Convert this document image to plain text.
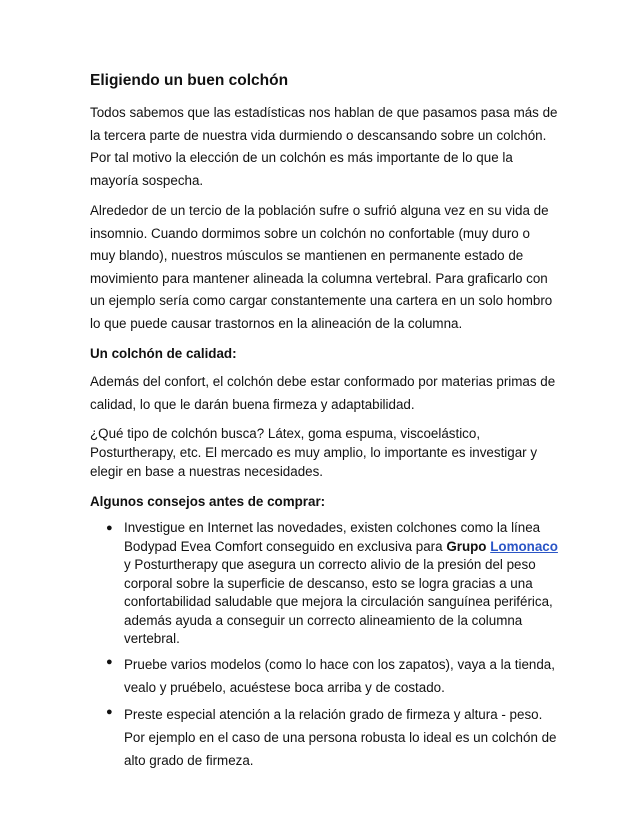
Eligiendo un buen colchón

Todos sabemos que las estadísticas nos hablan de que pasamos pasa más de la tercera parte de nuestra vida durmiendo o descansando sobre un colchón. Por tal motivo la elección de un colchón es más importante de lo que la mayoría sospecha.

Alrededor de un tercio de la población sufre o sufrió alguna vez en su vida de insomnio. Cuando dormimos sobre un colchón no confortable (muy duro o muy blando), nuestros músculos se mantienen en permanente estado de movimiento para mantener alineada la columna vertebral. Para graficarlo con un ejemplo sería como cargar constantemente una cartera en un solo hombro lo que puede causar trastornos en la alineación de la columna.

Un colchón de calidad:

Además del confort, el colchón debe estar conformado por materias primas de calidad, lo que le darán buena firmeza y adaptabilidad.

¿Qué tipo de colchón busca? Látex, goma espuma, viscoelástico, Posturtherapy, etc. El mercado es muy amplio, lo importante es investigar y elegir en base a nuestras necesidades.

Algunos consejos antes de comprar:
● Investigue en Internet las novedades, existen colchones como la línea Bodypad Evea Comfort conseguido en exclusiva para Grupo Lomonaco y Posturtherapy que asegura un correcto alivio de la presión del peso corporal sobre la superficie de descanso, esto se logra gracias a una confortabilidad saludable que mejora la circulación sanguínea periférica, además ayuda a conseguir un correcto alineamiento de la columna vertebral.
● Pruebe varios modelos (como lo hace con los zapatos), vaya a la tienda, vealo y pruébelo, acuéstese boca arriba y de costado.
● Preste especial atención a la relación grado de firmeza y altura - peso. Por ejemplo en el caso de una persona robusta lo ideal es un colchón de alto grado de firmeza.
